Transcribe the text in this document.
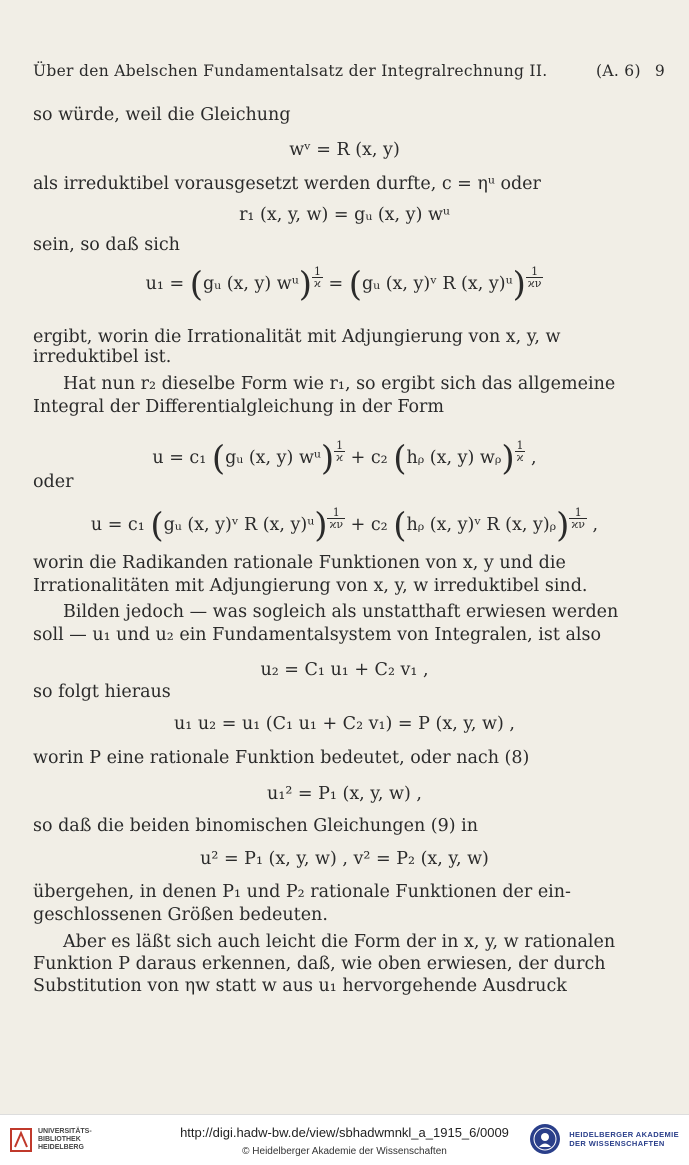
Über den Abelschen Fundamentalsatz der Integralrechnung II.	(A. 6) 9
so würde, weil die Gleichung
wᵛ = R (x, y)
als irreduktibel vorausgesetzt werden durfte, c = ηᵘ oder
r₁ (x, y, w) = gᵤ (x, y) wᵘ
sein, so daß sich
u₁ = (gᵤ (x, y) wᵘ) $\frac{1}{ϰ}$ = (gᵤ (x, y)ᵛ R (x, y)ᵘ) $\frac{1}{ϰ\nu}$
ergibt, worin die Irrationalität mit Adjungierung von x, y, w
irreduktibel ist.
Hat nun r₂ dieselbe Form wie r₁, so ergibt sich das allgemeine
Integral der Differentialgleichung in der Form
u = c₁ (gᵤ (x, y) wᵘ) $\frac{1}{ϰ} + c_2$ (hᵨ (x, y) wᵨ) $\frac{1}{ϰ}$ ,
oder
u = c₁ (gᵤ (x, y)ᵛ R (x, y)ᵘ) $\frac{1}{ϰ\nu} + c_2$ (hᵨ (x, y)ᵛ R (x, y)ᵨ) $\frac{1}{ϰ\nu}$ ,
worin die Radikanden rationale Funktionen von x, y und die
Irrationalitäten mit Adjungierung von x, y, w irreduktibel sind.
Bilden jedoch — was sogleich als unstatthaft erwiesen werden
soll — u₁ und u₂ ein Fundamentalsystem von Integralen, ist also
u₂ = C₁ u₁ + C₂ v₁ ,
so folgt hieraus
u₁ u₂ = u₁ (C₁ u₁ + C₂ v₁) = P (x, y, w) ,
worin P eine rationale Funktion bedeutet, oder nach (8)
u₁² = P₁ (x, y, w) ,
so daß die beiden binomischen Gleichungen (9) in
u² = P₁ (x, y, w) , v² = P₂ (x, y, w)
übergehen, in denen P₁ und P₂ rationale Funktionen der ein-
geschlossenen Größen bedeuten.
Aber es läßt sich auch leicht die Form der in x, y, w rationalen
Funktion P daraus erkennen, daß, wie oben erwiesen, der durch
Substitution von ηw statt w aus u₁ hervorgehende Ausdruck
UNIVERSITÄTS-
BIBLIOTHEK
HEIDELBERG
http://digi.hadw-bw.de/view/sbhadwmnkl_a_1915_6/0009
© Heidelberger Akademie der Wissenschaften
HEIDELBERGER AKADEMIE
DER WISSENSCHAFTEN
